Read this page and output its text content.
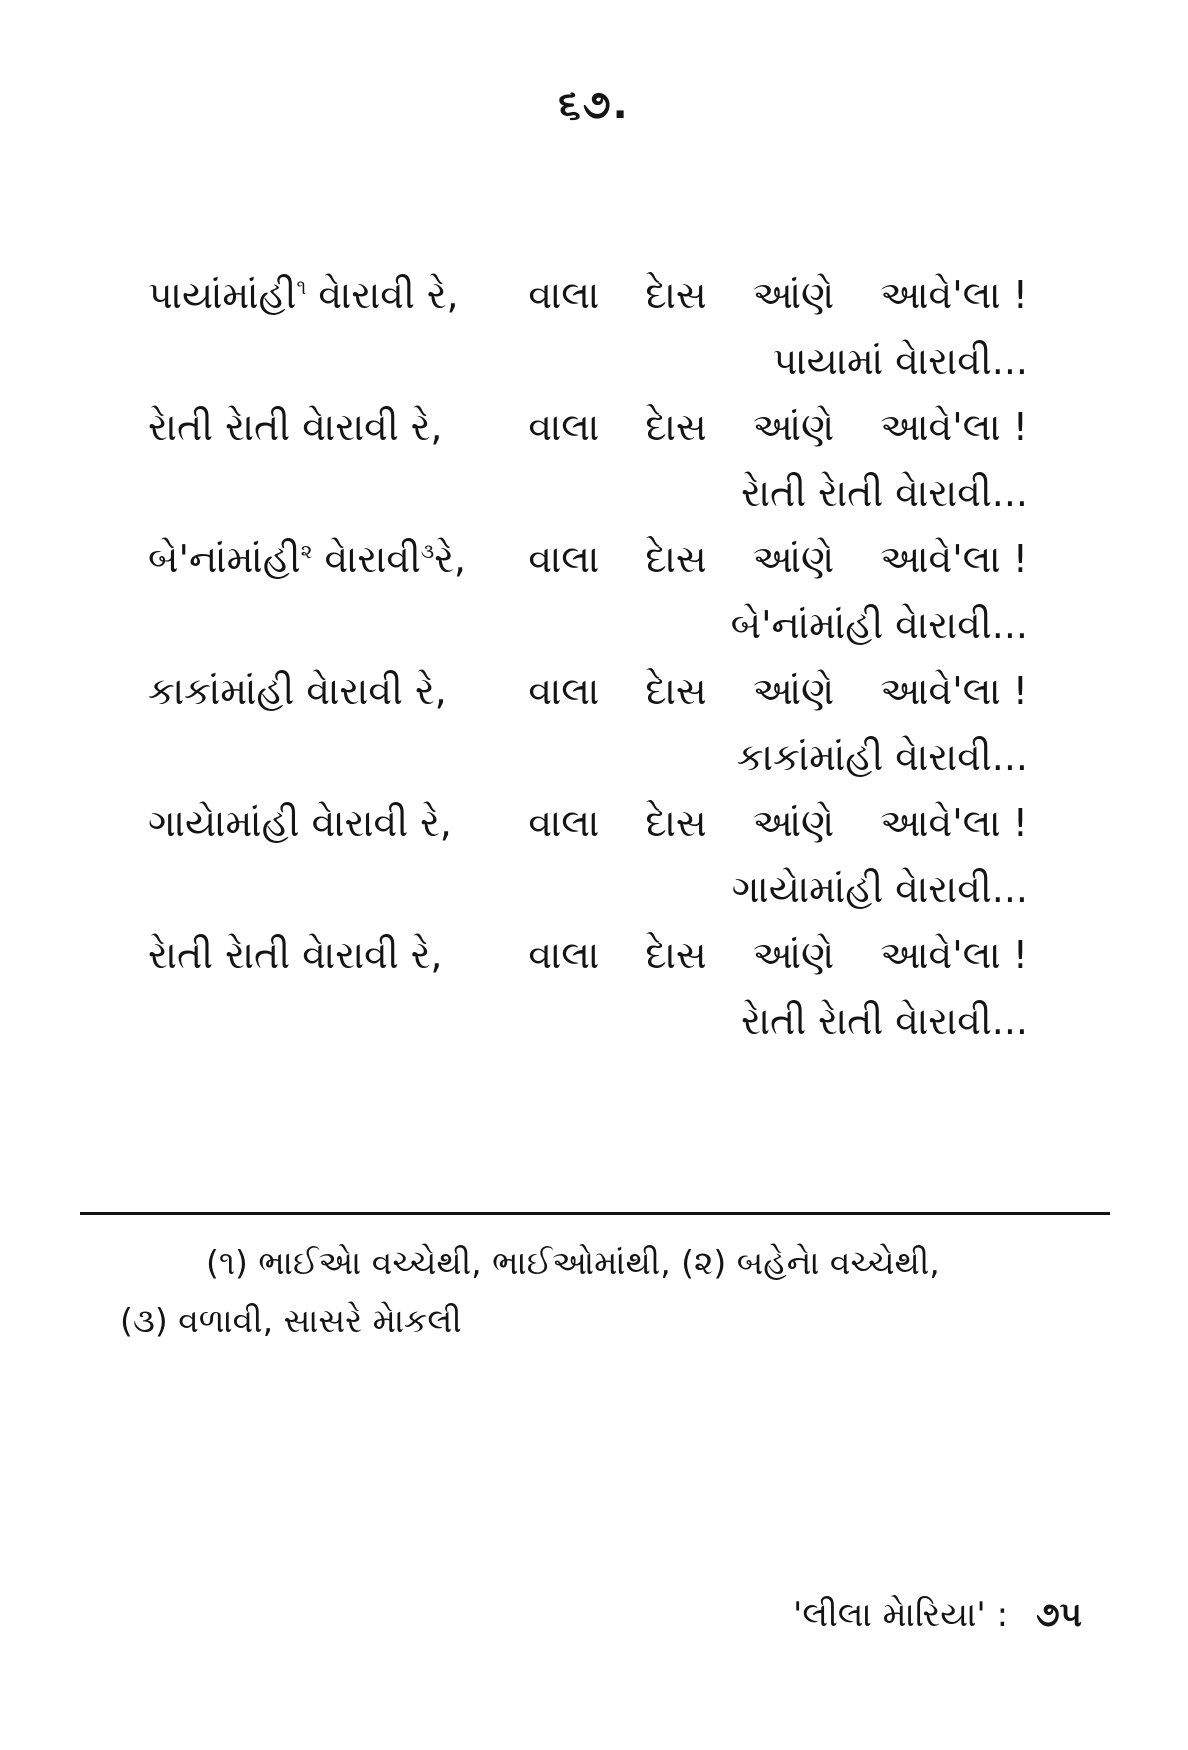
૬૭.
પાયાંમાંહી$^૧$ વેારાવી રે, વાલા દાેસ આંણે આવે'લા !
પાયામાં વેારાવી...
રેાતી રેાતી વેારાવી રે, વાલા દાેસ આંણે આવે'લા !
રેાતી રેાતી વેારાવી...
બે'નાંમાંહી$^૨$ વેારાવી$^૩$રે, વાલા દાેસ આંણે આવે'લા !
બે'નાંમાંહી વેારાવી...
કાકાંમાંહી વેારાવી રે, વાલા દાેસ આંણે આવે'લા !
કાકાંમાંહી વેારાવી...
ગાયેામાંહી વેારાવી રે, વાલા દાેસ આંણે આવે'લા !
ગાયેામાંહી વેારાવી...
રેાતી રેાતી વેારાવી રે, વાલા દાેસ આંણે આવે'લા !
રેાતી રેાતી વેારાવી...
(૧) ભાઈએા વચ્ચેથી, ભાઈઓમાંથી, (૨) બહેનેા વચ્ચેથી,
(૩) વળાવી, સાસરે મેાકલી
'લીલા મેારિયા' : ૭૫
